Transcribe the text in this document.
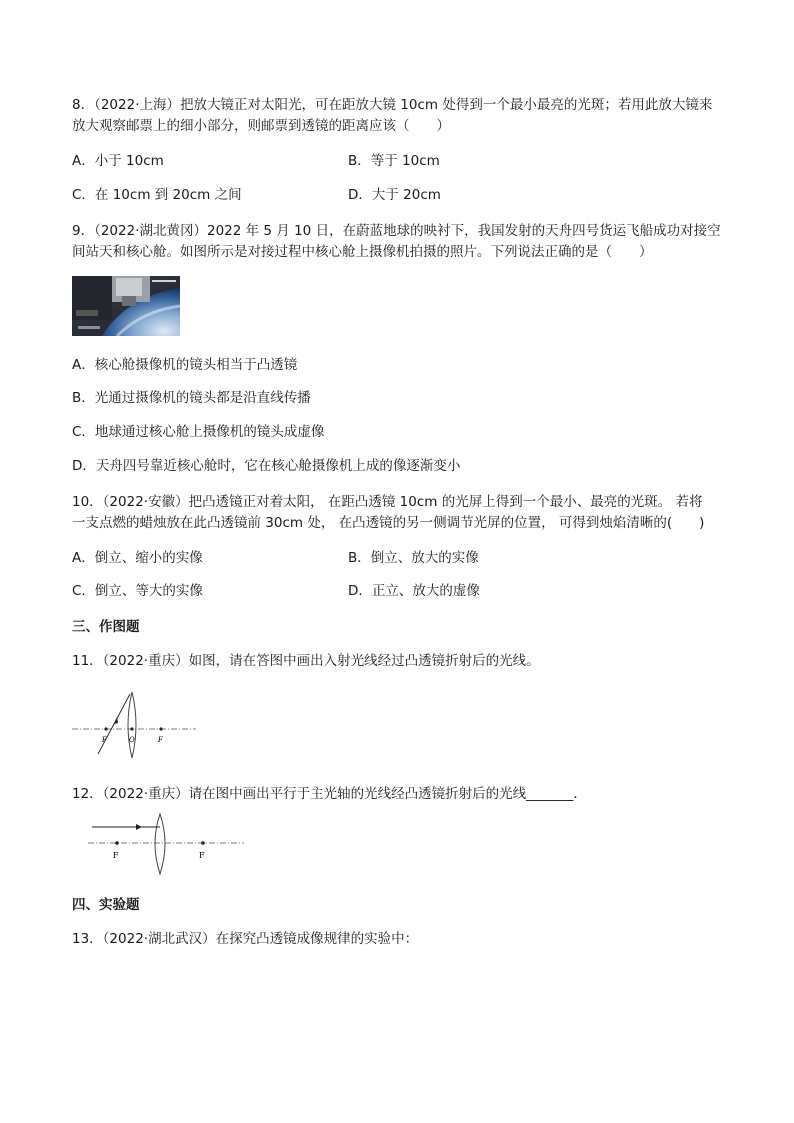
8．（2022·上海）把放大镜正对太阳光，可在距放大镜 10cm 处得到一个最小最亮的光斑；若用此放大镜来
放大观察邮票上的细小部分，则邮票到透镜的距离应该（　　）
A．小于 10cm	B．等于 10cm
C．在 10cm 到 20cm 之间	D．大于 20cm
9．（2022·湖北黄冈）2022 年 5 月 10 日，在蔚蓝地球的映衬下，我国发射的天舟四号货运飞船成功对接空
间站天和核心舱。如图所示是对接过程中核心舱上摄像机拍摄的照片。下列说法正确的是（　　）
A．核心舱摄像机的镜头相当于凸透镜
B．光通过摄像机的镜头都是沿直线传播
C．地球通过核心舱上摄像机的镜头成虚像
D．天舟四号靠近核心舱时，它在核心舱摄像机上成的像逐渐变小
10．（2022·安徽）把凸透镜正对着太阳， 在距凸透镜 10cm 的光屏上得到一个最小、最亮的光斑。 若将
一支点燃的蜡烛放在此凸透镜前 30cm 处， 在凸透镜的另一侧调节光屏的位置， 可得到烛焰清晰的(　　)
A．倒立、缩小的实像	B．倒立、放大的实像
C．倒立、等大的实像	D．正立、放大的虚像
三、作图题
11．（2022·重庆）如图，请在答图中画出入射光线经过凸透镜折射后的光线。
F	O	F
12．（2022·重庆）请在图中画出平行于主光轴的光线经凸透镜折射后的光线_______．
F	F
四、实验题
13．（2022·湖北武汉）在探究凸透镜成像规律的实验中：
